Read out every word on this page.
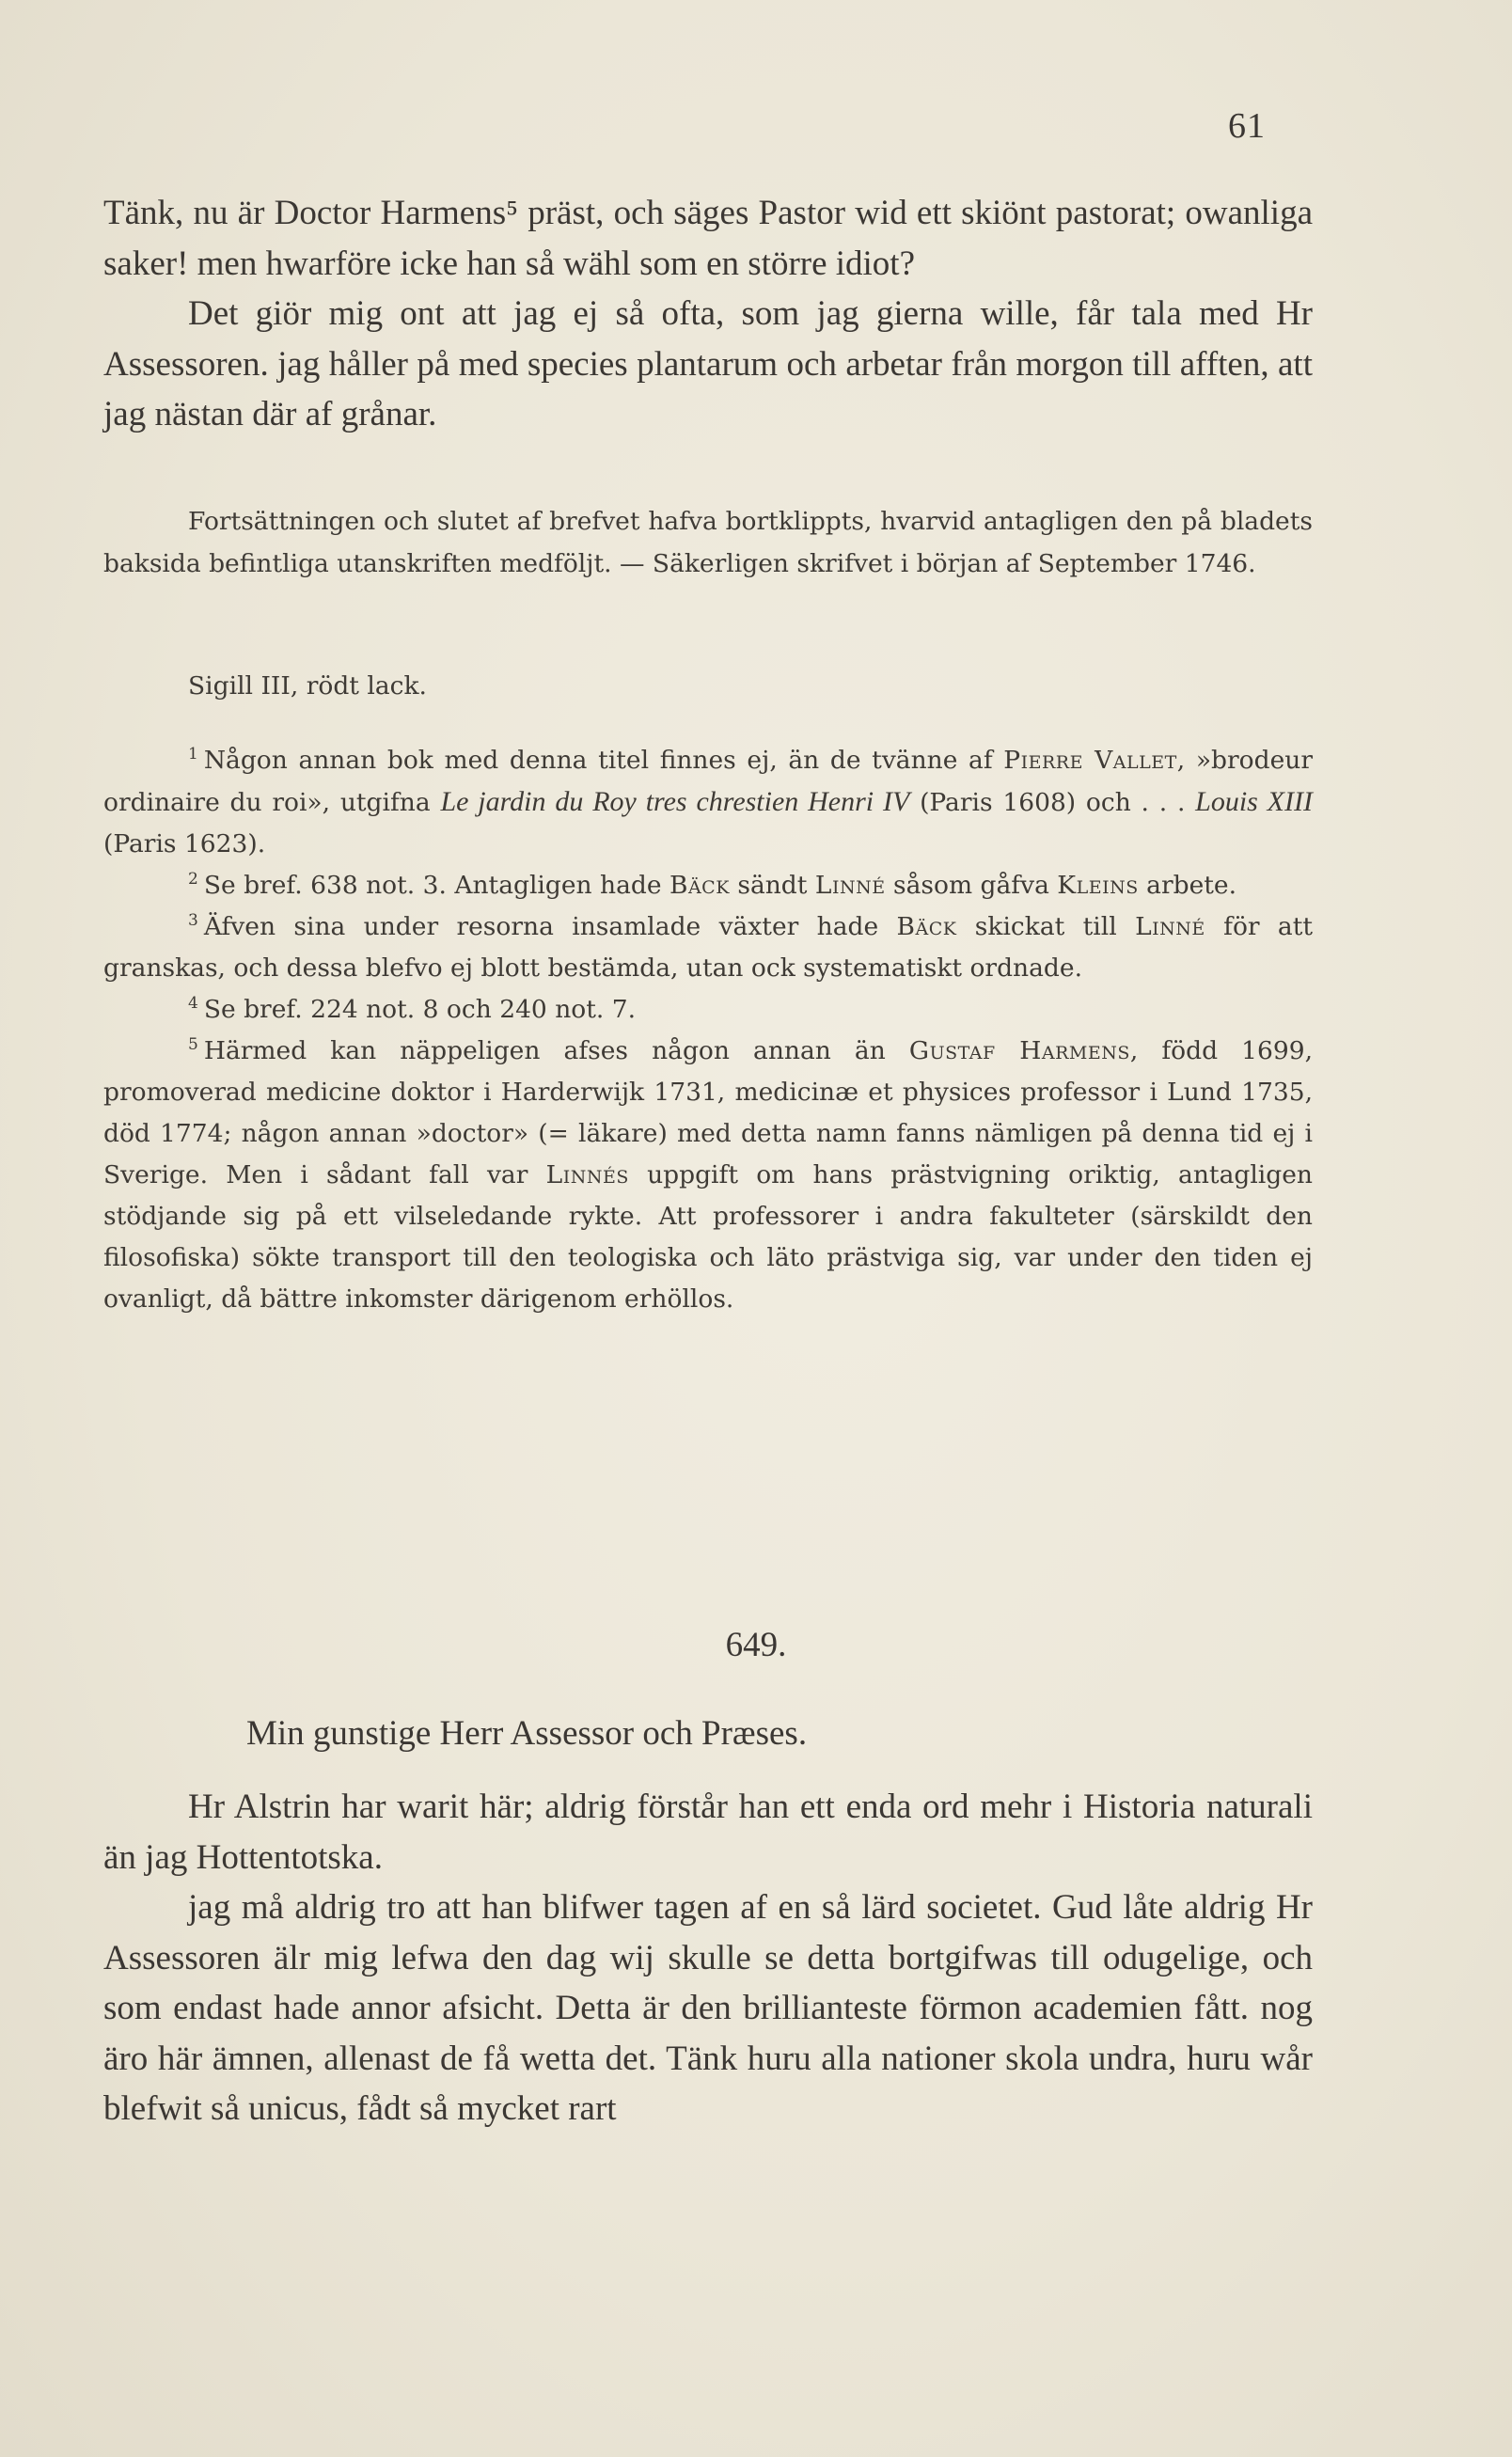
61

Tänk, nu är Doctor Harmens⁵ präst, och säges Pastor wid ett skiönt pastorat; owanliga saker! men hwarföre icke han så wähl som en större idiot?

Det giör mig ont att jag ej så ofta, som jag gierna wille, får tala med Hr Assessoren. jag håller på med species plantarum och arbetar från morgon till afften, att jag nästan där af grånar.

Fortsättningen och slutet af brefvet hafva bortklippts, hvarvid antagligen den på bladets baksida befintliga utanskriften medföljt. — Säkerligen skrifvet i början af September 1746.

Sigill III, rödt lack.

$^1$ Någon annan bok med denna titel finnes ej, än de tvänne af Pierre Vallet, »brodeur ordinaire du roi», utgifna Le jardin du Roy tres chrestien Henri IV (Paris 1608) och . . . Louis XIII (Paris 1623).

$^2$ Se bref. 638 not. 3. Antagligen hade Bäck sändt Linné såsom gåfva Kleins arbete.

$^3$ Äfven sina under resorna insamlade växter hade Bäck skickat till Linné för att granskas, och dessa blefvo ej blott bestämda, utan ock systematiskt ordnade.

$^4$ Se bref. 224 not. 8 och 240 not. 7.

$^5$ Härmed kan näppeligen afses någon annan än Gustaf Harmens, född 1699, promoverad medicine doktor i Harderwijk 1731, medicinæ et physices professor i Lund 1735, död 1774; någon annan »doctor» (= läkare) med detta namn fanns nämligen på denna tid ej i Sverige. Men i sådant fall var Linnés uppgift om hans prästvigning oriktig, antagligen stödjande sig på ett vilseledande rykte. Att professorer i andra fakulteter (särskildt den filosofiska) sökte transport till den teologiska och läto prästviga sig, var under den tiden ej ovanligt, då bättre inkomster därigenom erhöllos.

649.
Min gunstige Herr Assessor och Præses.

Hr Alstrin har warit här; aldrig förstår han ett enda ord mehr i Historia naturali än jag Hottentotska.

jag må aldrig tro att han blifwer tagen af en så lärd societet. Gud låte aldrig Hr Assessoren älr mig lefwa den dag wij skulle se detta bortgifwas till odugelige, och som endast hade annor afsicht. Detta är den brillianteste förmon academien fått. nog äro här ämnen, allenast de få wetta det. Tänk huru alla nationer skola undra, huru wår blefwit så unicus, fådt så mycket rart
